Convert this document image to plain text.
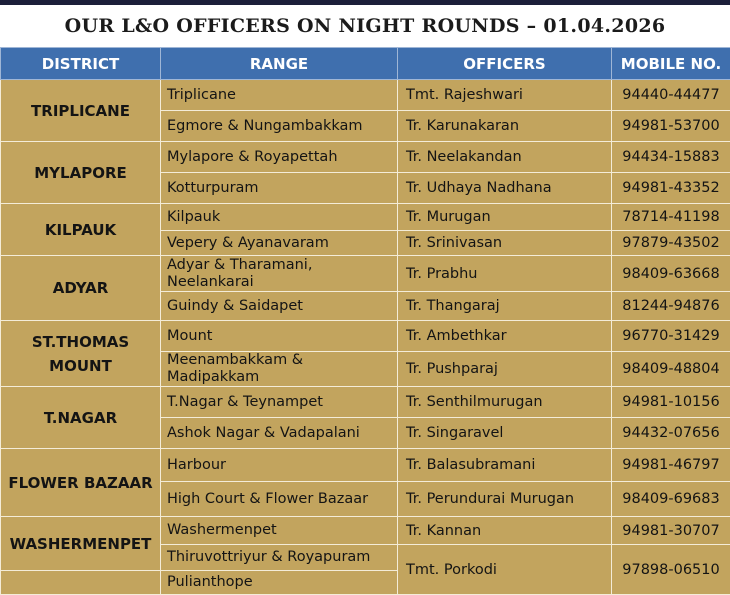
OUR L&O OFFICERS ON NIGHT ROUNDS – 01.04.2026
DISTRICT	RANGE	OFFICERS	MOBILE NO.
TRIPLICANE	Triplicane	Tmt. Rajeshwari	94440-44477
	Egmore & Nungambakkam	Tr. Karunakaran	94981-53700
MYLAPORE	Mylapore & Royapettah	Tr. Neelakandan	94434-15883
	Kotturpuram	Tr. Udhaya Nadhana	94981-43352
KILPAUK	Kilpauk	Tr. Murugan	78714-41198
	Vepery & Ayanavaram	Tr. Srinivasan	97879-43502
ADYAR	Adyar & Tharamani, Neelankarai	Tr. Prabhu	98409-63668
	Guindy & Saidapet	Tr. Thangaraj	81244-94876
ST.THOMAS MOUNT	Mount	Tr. Ambethkar	96770-31429
	Meenambakkam & Madipakkam	Tr. Pushparaj	98409-48804
T.NAGAR	T.Nagar & Teynampet	Tr. Senthilmurugan	94981-10156
	Ashok Nagar & Vadapalani	Tr. Singaravel	94432-07656
FLOWER BAZAAR	Harbour	Tr. Balasubramani	94981-46797
	High Court & Flower Bazaar	Tr. Perundurai Murugan	98409-69683
WASHERMENPET	Washermenpet	Tr. Kannan	94981-30707
	Thiruvottriyur & Royapuram	Tmt. Porkodi	97898-06510
	Pulianthope		
